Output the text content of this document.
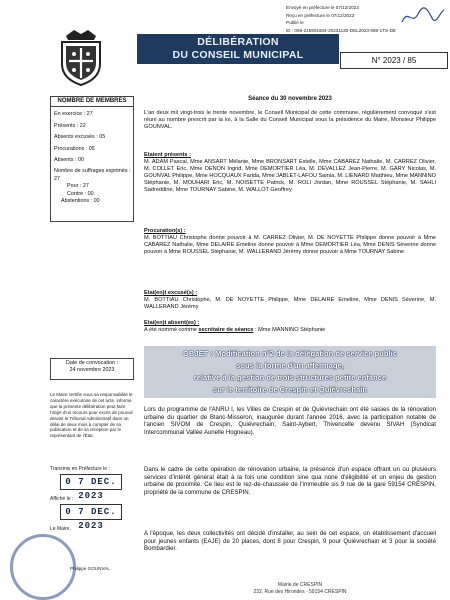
Envoyé en préfecture le 07/12/2023
Reçu en préfecture le 07/12/2023
Publié le
ID : 059-215901604-20231130-DEL2023-085-1TS-DE
DÉLIBÉRATION
DU CONSEIL MUNICIPAL	N° 2023 / 85
NOMBRE DE MEMBRES
En exercice : 27
Présents : 22
Absents excusés : 05
Procurations : 05
Absents : 00
Nombre de suffrages exprimés : 27
Pour : 27
Contre : 00
Abstentions : 00
Date de convocation :
24 novembre 2023
Le Maire certifie sous sa responsabilité le caractère exécutoire de cet acte, informe que la présente délibération peut faire l'objet d'un recours pour excès de pouvoir devant le Tribunal Administratif dans un délai de deux mois à compter de sa publication et de sa réception par le représentant de l'État.
Transmis en Préfecture le :
0 7 DEC. 2023
Affiché le :
0 7 DEC. 2023
Le Maire,
Philippe GOUNVAL
Séance du 30 novembre 2023
L'an deux mil vingt-trois le trente novembre, le Conseil Municipal de cette commune, régulièrement convoqué s'est réuni au nombre prescrit par la loi, à la Salle du Conseil Municipal sous la présidence du Maire, Monsieur Philippe GOUNVAL.
Etaient présents :
M. ADAM Pascal, Mme ANSART Mélanie, Mme BRONSART Estelle, Mme CABAREZ Nathalie, M. CARREZ Olivier, M. COLLET Eric, Mme DENON Ingrid, Mme DEMORTIER Léa, M. DEVALLEZ Jean-Pierre, M. GARY Nicolas, M. GOUNVAL Philippe, Mme HOCQUAUX Farida, Mme JABLET-LAFOU Samia, M. LIENARD Matthieu, Mme MANNINO Stéphanie, M. MOUHARI Eric, M. NOISETTE Patrick, M. ROLI Jordan, Mme ROUSSEL Stéphanie, M. SAHLI Sadreddine, Mme TOURNAY Sabine, M. WALLOT Geoffrey
Procuration(s) :
M. BOTTIAU Christophe donne pouvoir à M. CARREZ Olivier, M. DE NOYETTE Philippe donne pouvoir à Mme CABAREZ Nathalie, Mme DELAIRE Emeline donne pouvoir à Mme DEMORTIER Léa, Mme DENIS Séverine donne pouvoir à Mme ROUSSEL Stéphanie, M. WALLERAND Jérémy donne pouvoir à Mme TOURNAY Sabine
Etai(en)t excusé(s) :
M. BOTTIAU Christophe, M. DE NOYETTE Philippe, Mme DELAIRE Emeline, Mme DENIS Séverine, M. WALLERAND Jérémy
Etai(en)t absent(es) :
A été nommé comme secrétaire de séance : Mme MANNINO Stéphanie
OBJET : Modification n°2 de la délégation de service public
sous la forme d'un affermage,
relative à la gestion de trois structures petite enfance
sur le territoire de Crespin et Quiévrechain
Lors du programme de l'ANRU I, les Villes de Crespin et de Quiévrechain ont été saisies de la rénovation urbaine du quartier de Blanc-Misseron, inaugurée durant l'année 2016, avec la participation notable de l'ancien SIVOM de Crespin, Quiévrechain, Saint-Aybert, Thivencelle devenu SIVAH (Syndicat Intercommunal Vallée Aunelle Hogneau).
Dans le cadre de cette opération de rénovation urbaine, la présence d'un espace offrant un ou plusieurs services d'intérêt général était à la fois une condition sine qua none d'éligibilité et un enjeu de gestion urbaine de proximité. Ce lieu est le rez-de-chaussée de l'immeuble sis 9 rue de la gare 59154 CRESPIN, propriété de la commune de CRESPIN.
A l'époque, les deux collectivités ont décidé d'installer, au sein de cet espace, un établissement d'accueil pour jeunes enfants (EAJE) de 20 places, dont 8 pour Crespin, 9 pour Quiévrechain et 3 pour la société Bombardier.
Mairie de CRESPIN
232, Rue des Hirondes - 59154 CRESPIN
